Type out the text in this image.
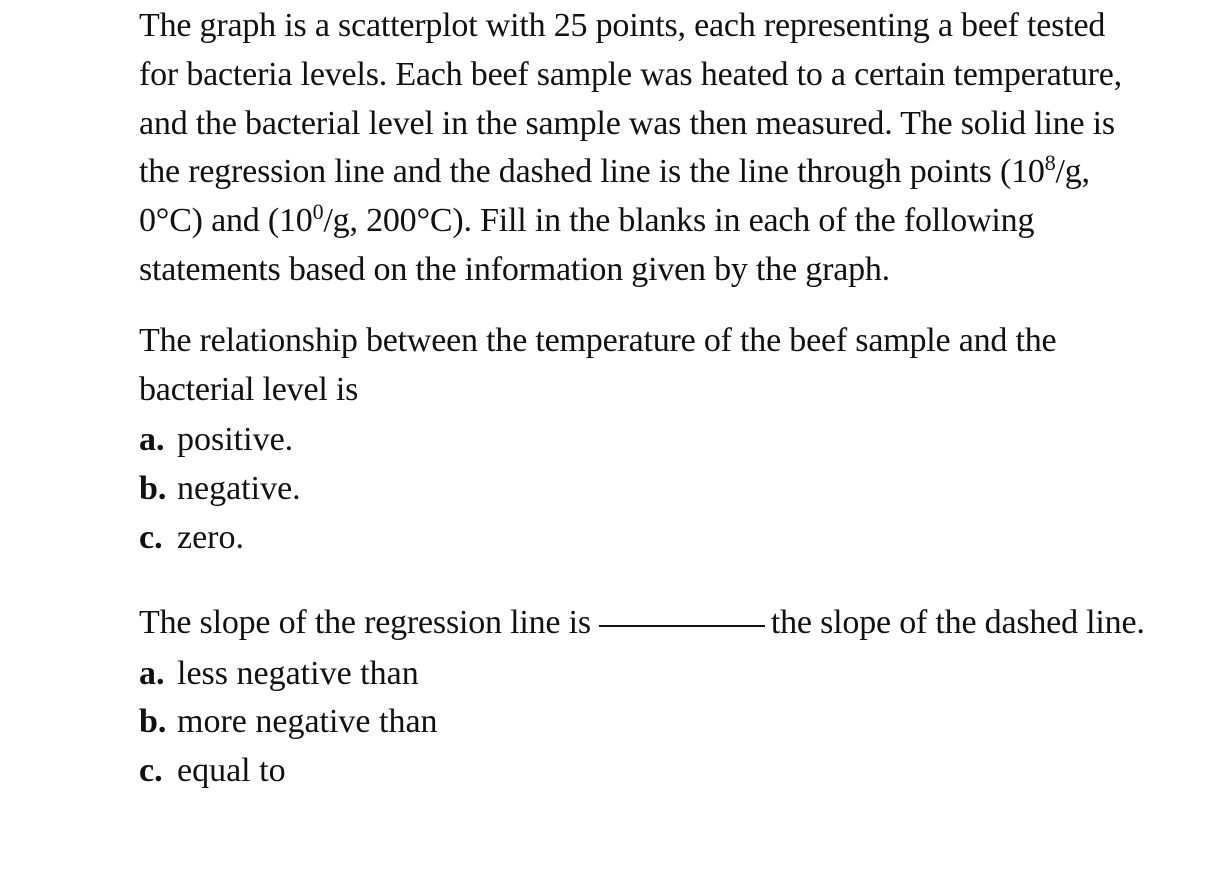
The graph is a scatterplot with 25 points, each representing a beef tested for bacteria levels. Each beef sample was heated to a certain temperature, and the bacterial level in the sample was then measured. The solid line is the regression line and the dashed line is the line through points ($10^8/g$, 0°C) and ($10^0/g$, 200°C). Fill in the blanks in each of the following statements based on the information given by the graph.

The relationship between the temperature of the beef sample and the bacterial level is

a. positive.
b. negative.
c. zero.

The slope of the regression line is	the slope of the dashed line.

a. less negative than
b. more negative than
c. equal to
